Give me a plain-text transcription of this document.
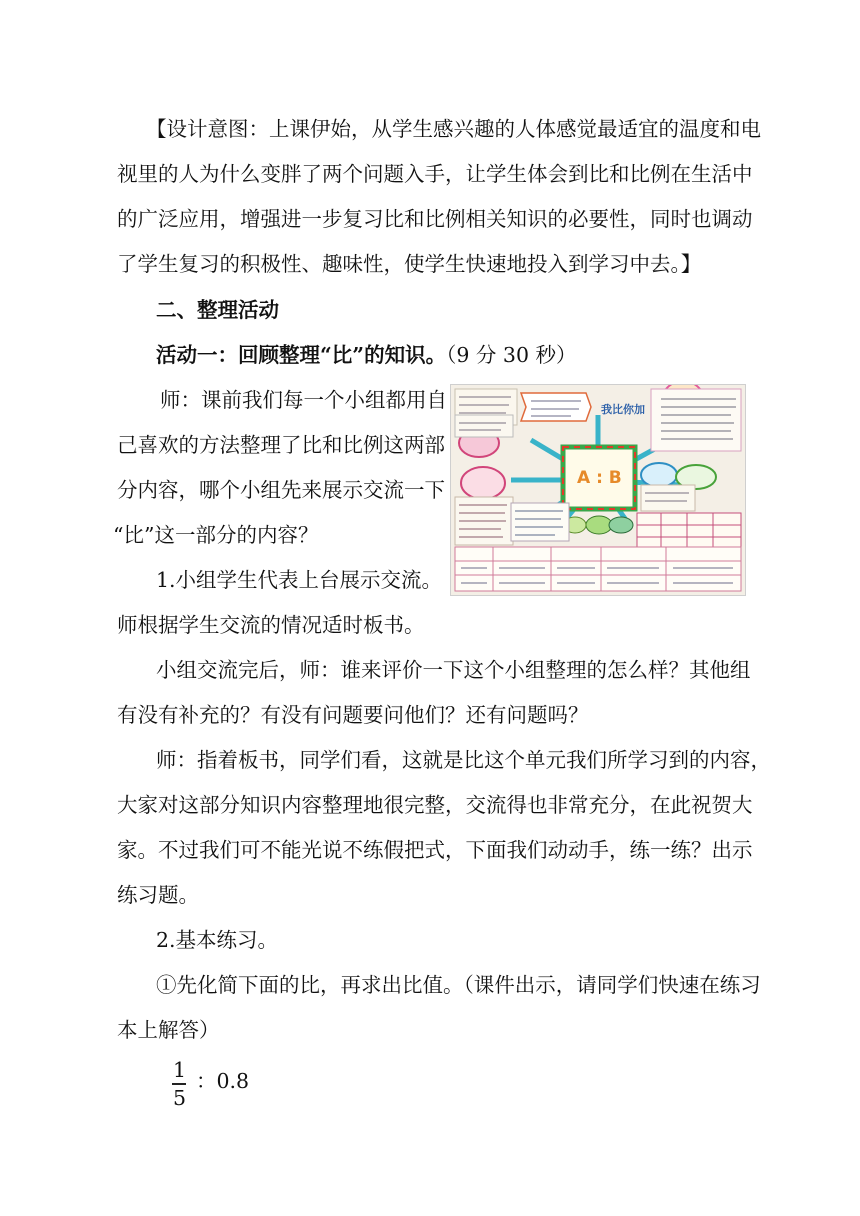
【设计意图：上课伊始，从学生感兴趣的人体感觉最适宜的温度和电
视里的人为什么变胖了两个问题入手，让学生体会到比和比例在生活中
的广泛应用，增强进一步复习比和比例相关知识的必要性，同时也调动
了学生复习的积极性、趣味性，使学生快速地投入到学习中去。】
二、整理活动
活动一：回顾整理“比”的知识。（9 分 30 秒）
师：课前我们每一个小组都用自
己喜欢的方法整理了比和比例这两部
分内容，哪个小组先来展示交流一下
“比”这一部分的内容？
1.小组学生代表上台展示交流。
师根据学生交流的情况适时板书。
我比你加
A : B
小组交流完后，师：谁来评价一下这个小组整理的怎么样？其他组
有没有补充的？有没有问题要问他们？还有问题吗？
师：指着板书，同学们看，这就是比这个单元我们所学习到的内容，
大家对这部分知识内容整理地很完整，交流得也非常充分，在此祝贺大
家。不过我们可不能光说不练假把式，下面我们动动手，练一练？出示
练习题。
2.基本练习。
①先化简下面的比，再求出比值。（课件出示，请同学们快速在练习
本上解答）
1
5
：0.8
